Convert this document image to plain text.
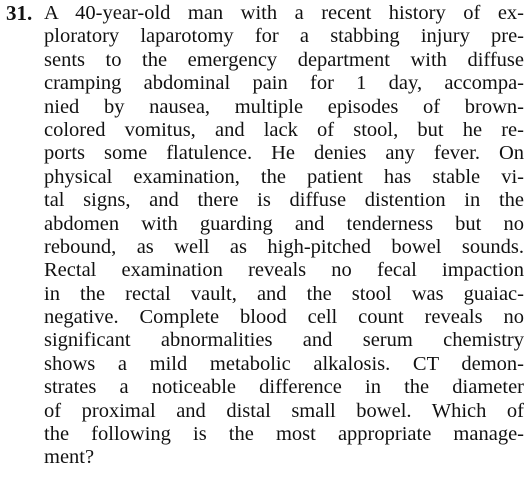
31. A 40-year-old man with a recent history of ex-
ploratory laparotomy for a stabbing injury pre-
sents to the emergency department with diffuse
cramping abdominal pain for 1 day, accompa-
nied by nausea, multiple episodes of brown-
colored vomitus, and lack of stool, but he re-
ports some flatulence. He denies any fever. On
physical examination, the patient has stable vi-
tal signs, and there is diffuse distention in the
abdomen with guarding and tenderness but no
rebound, as well as high-pitched bowel sounds.
Rectal examination reveals no fecal impaction
in the rectal vault, and the stool was guaiac-
negative. Complete blood cell count reveals no
significant abnormalities and serum chemistry
shows a mild metabolic alkalosis. CT demon-
strates a noticeable difference in the diameter
of proximal and distal small bowel. Which of
the following is the most appropriate manage-
ment?
